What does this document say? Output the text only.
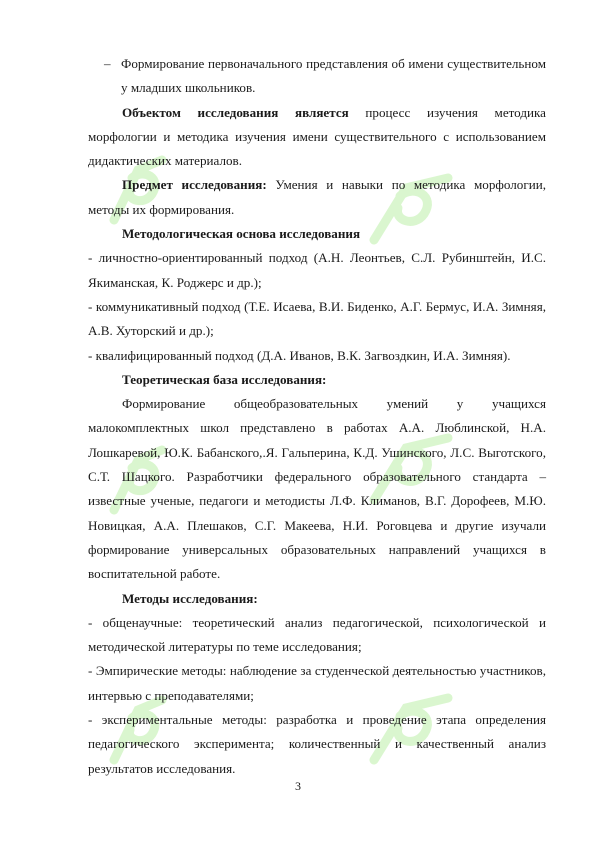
– Формирование первоначального представления об имени существительном у младших школьников.

Объектом исследования является процесс изучения методика морфологии и методика изучения имени существительного с использованием дидактических материалов.

Предмет исследования: Умения и навыки по методика морфологии, методы их формирования.

Методологическая основа исследования

- личностно-ориентированный подход (А.Н. Леонтьев, С.Л. Рубинштейн, И.С. Якиманская, К. Роджерс и др.);

- коммуникативный подход (Т.Е. Исаева, В.И. Биденко, А.Г. Бермус, И.А. Зимняя, А.В. Хуторский и др.);

- квалифицированный подход (Д.А. Иванов, В.К. Загвоздкин, И.А. Зимняя).

Теоретическая база исследования:

Формирование общеобразовательных умений у учащихся малокомплектных школ представлено в работах А.А. Люблинской, Н.А. Лошкаревой, Ю.К. Бабанского,.Я. Гальперина, К.Д. Ушинского, Л.С. Выготского, С.Т. Шацкого. Разработчики федерального образовательного стандарта – известные ученые, педагоги и методисты Л.Ф. Климанов, В.Г. Дорофеев, М.Ю. Новицкая, А.А. Плешаков, С.Г. Макеева, Н.И. Роговцева и другие изучали формирование универсальных образовательных направлений учащихся в воспитательной работе.

Методы исследования:

- общенаучные: теоретический анализ педагогической, психологической и методической литературы по теме исследования;

- Эмпирические методы: наблюдение за студенческой деятельностью участников, интервью с преподавателями;

- экспериментальные методы: разработка и проведение этапа определения педагогического эксперимента; количественный и качественный анализ результатов исследования.

3
